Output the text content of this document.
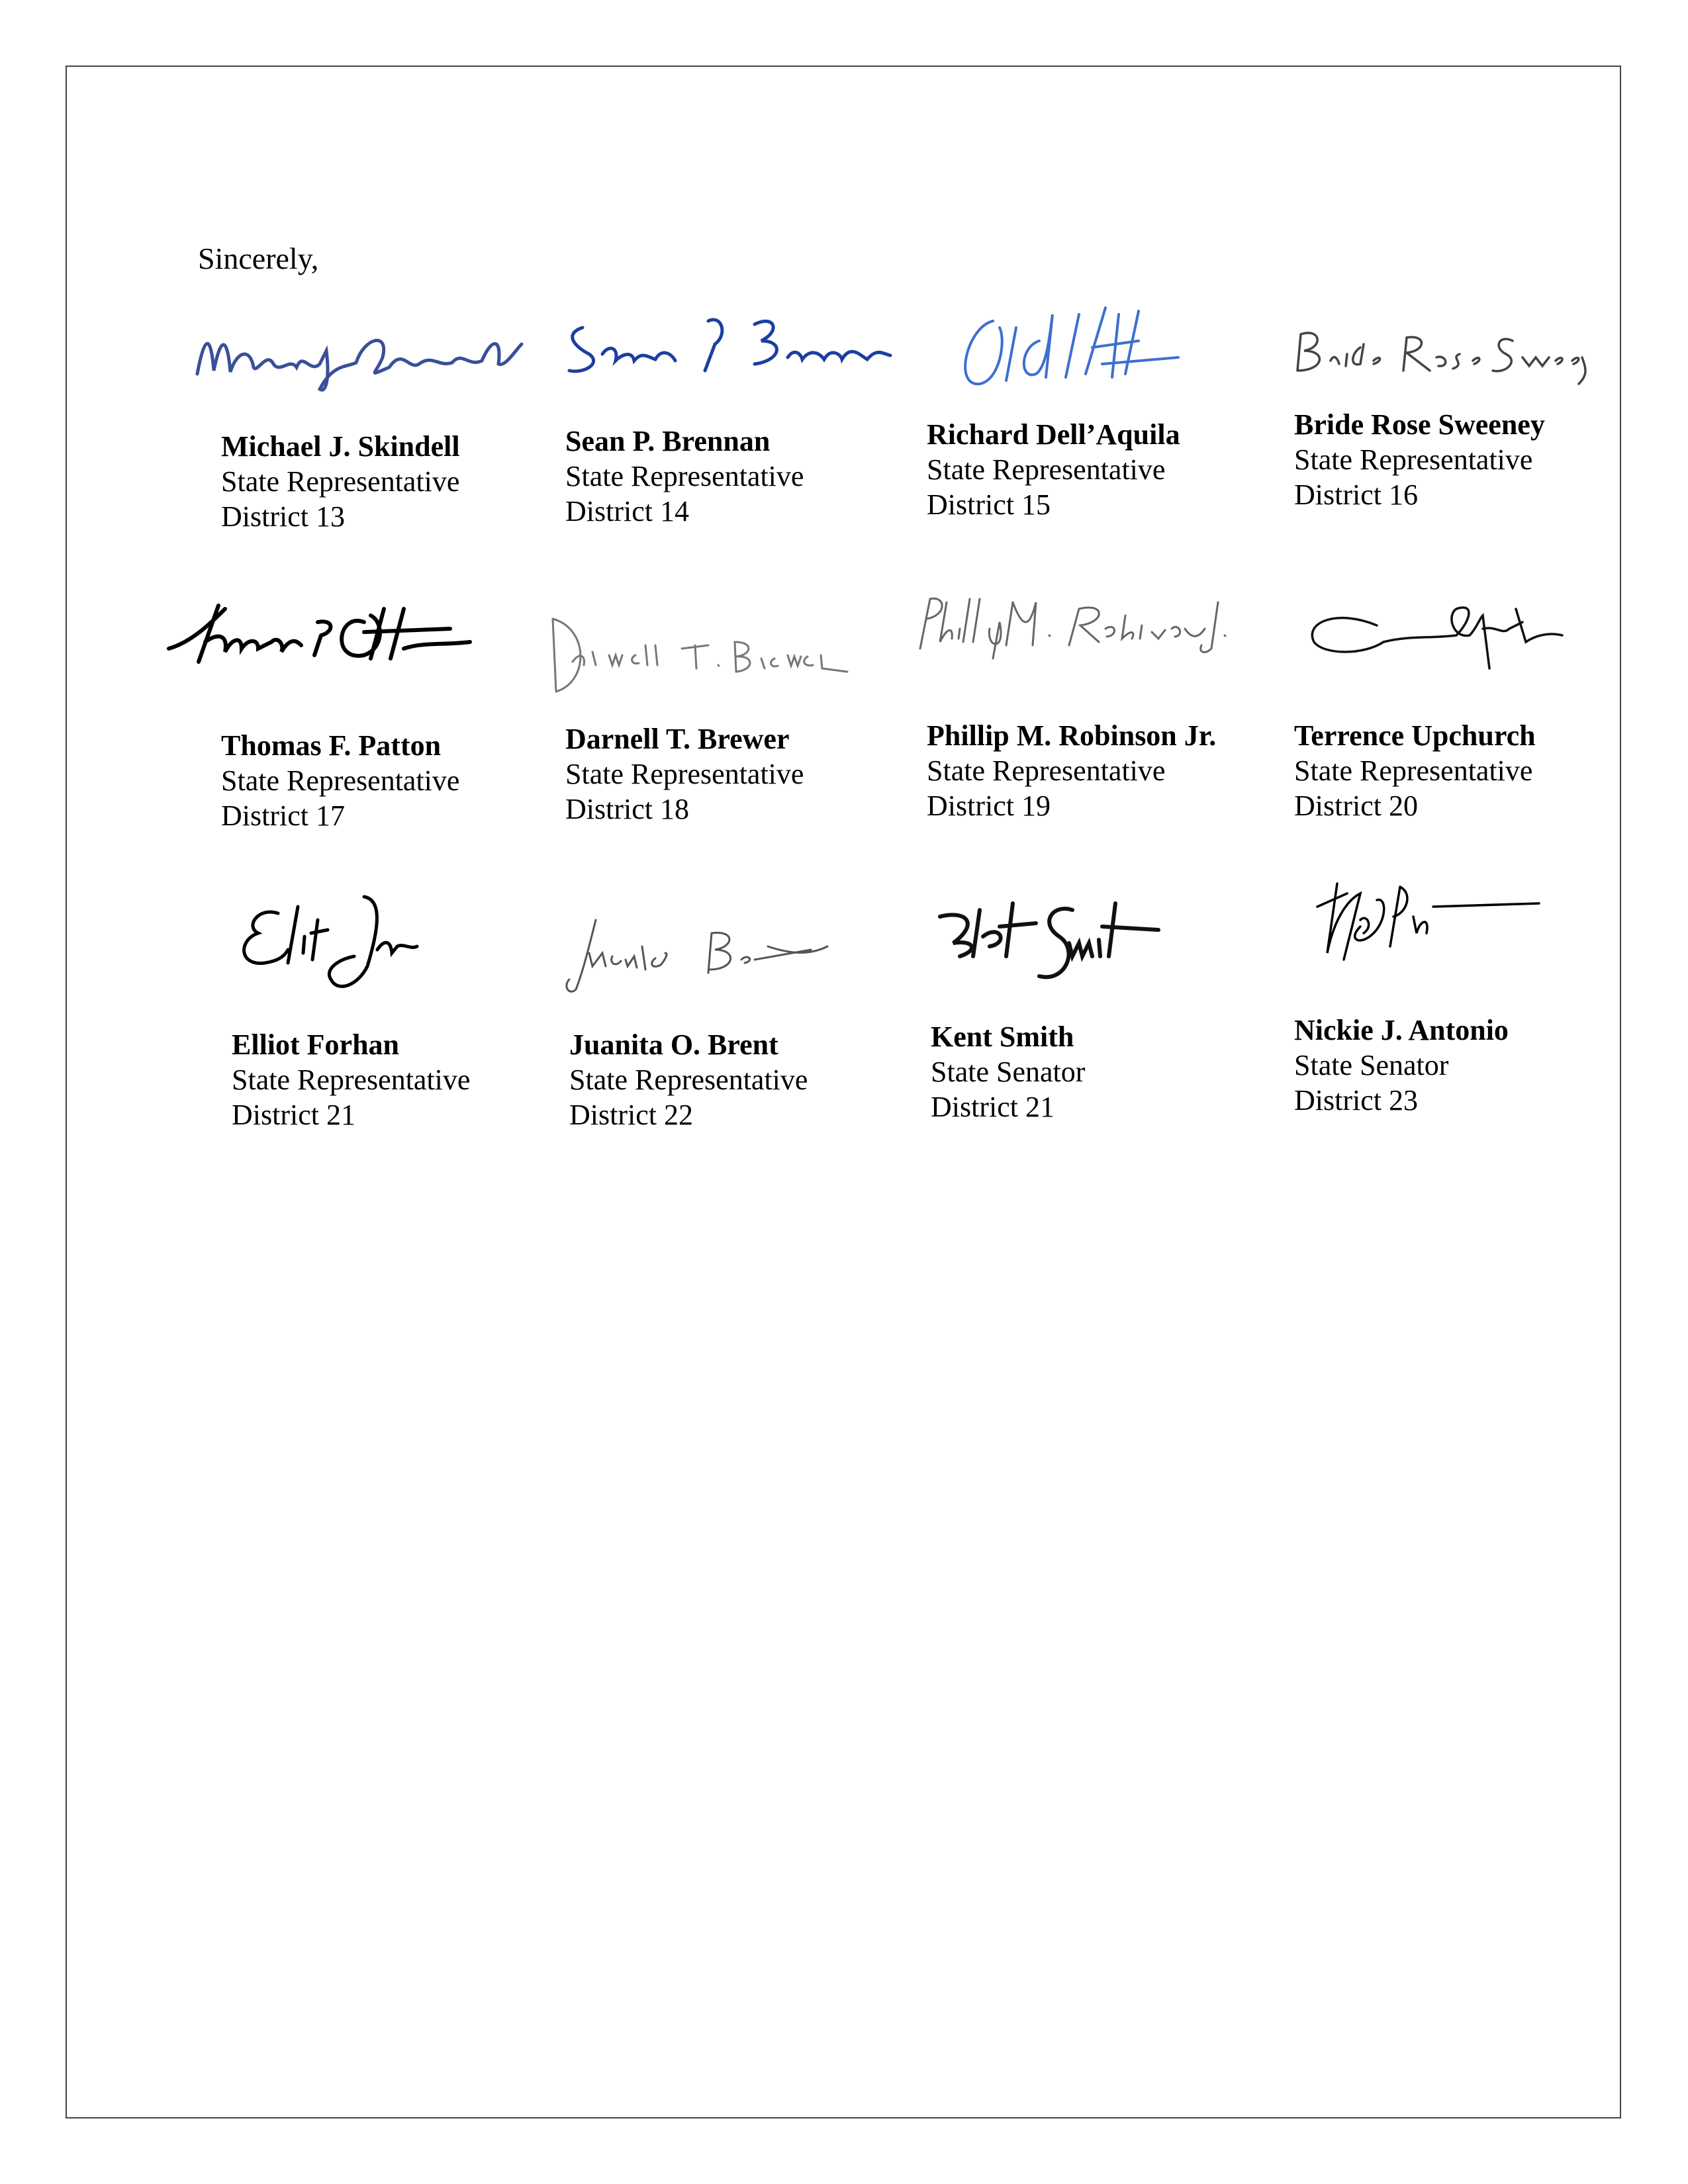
Sincerely,
Michael J. Skindell
State Representative
District 13
Sean P. Brennan
State Representative
District 14
Richard Dell’Aquila
State Representative
District 15
Bride Rose Sweeney
State Representative
District 16
Thomas F. Patton
State Representative
District 17
Darnell T. Brewer
State Representative
District 18
Phillip M. Robinson Jr.
State Representative
District 19
Terrence Upchurch
State Representative
District 20
Elliot Forhan
State Representative
District 21
Juanita O. Brent
State Representative
District 22
Kent Smith
State Senator
District 21
Nickie J. Antonio
State Senator
District 23
